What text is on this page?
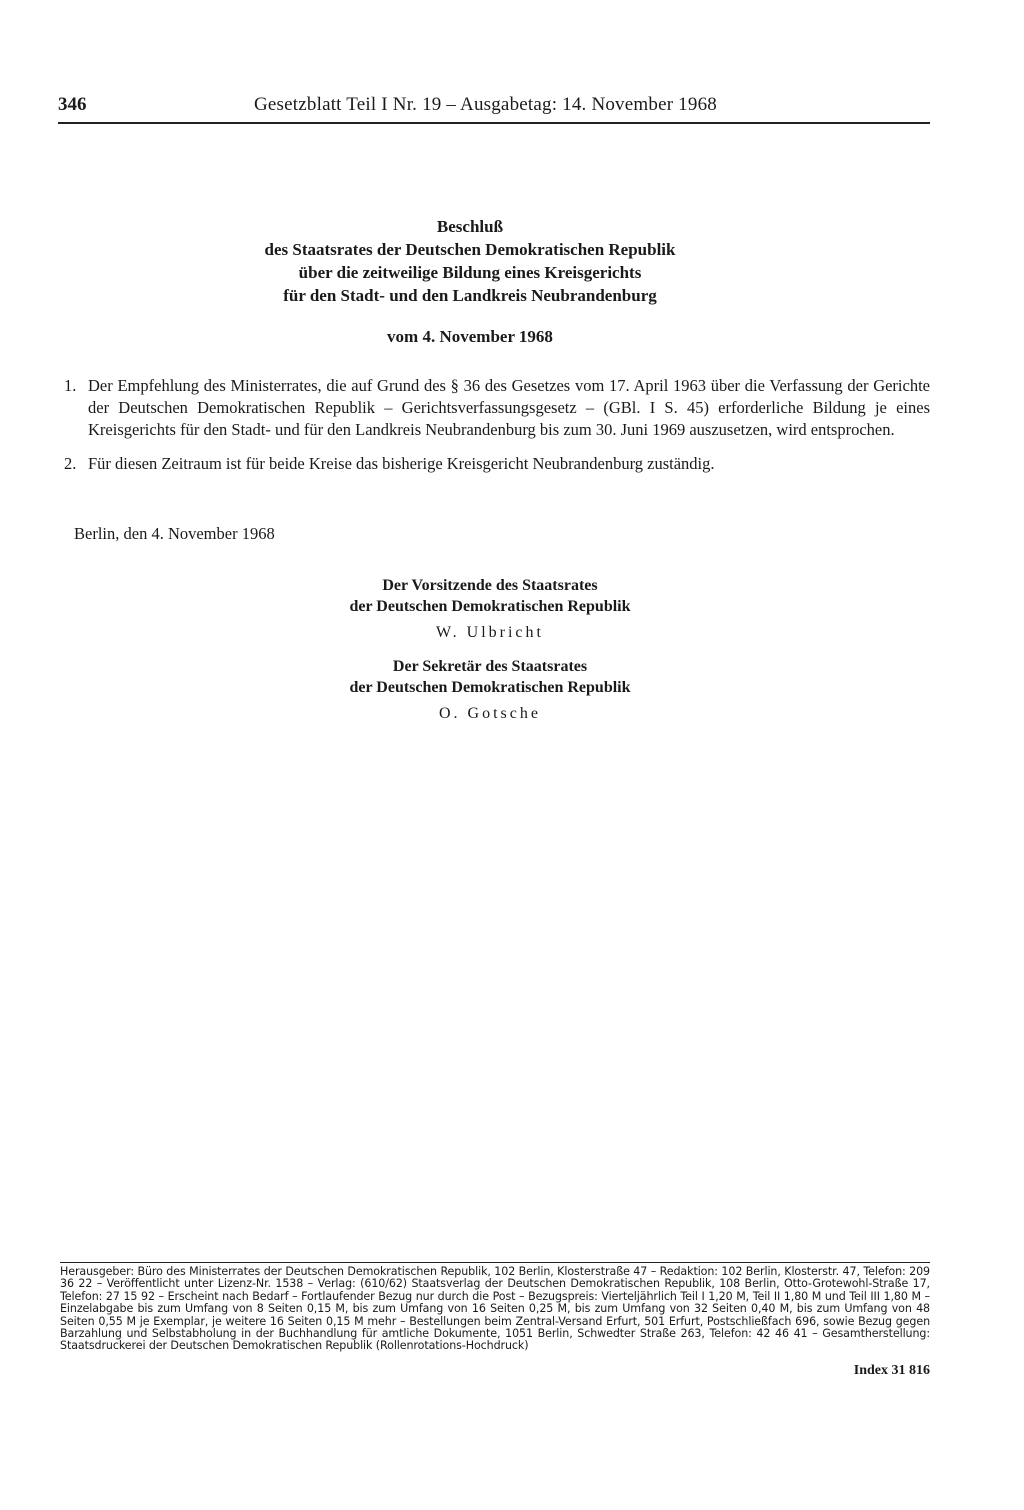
346	Gesetzblatt Teil I Nr. 19 – Ausgabetag: 14. November 1968
Beschluß
des Staatsrates der Deutschen Demokratischen Republik
über die zeitweilige Bildung eines Kreisgerichts
für den Stadt- und den Landkreis Neubrandenburg
vom 4. November 1968
1. Der Empfehlung des Ministerrates, die auf Grund des § 36 des Gesetzes vom 17. April 1963 über die Verfassung der Gerichte der Deutschen Demokratischen Republik – Gerichtsverfassungsgesetz – (GBl. I S. 45) erforderliche Bildung je eines Kreisgerichts für den Stadt- und für den Landkreis Neubrandenburg bis zum 30. Juni 1969 auszusetzen, wird entsprochen.
2. Für diesen Zeitraum ist für beide Kreise das bisherige Kreisgericht Neubrandenburg zuständig.
Berlin, den 4. November 1968
Der Vorsitzende des Staatsrates
der Deutschen Demokratischen Republik
W. Ulbricht
Der Sekretär des Staatsrates
der Deutschen Demokratischen Republik
O. Gotsche
Herausgeber: Büro des Ministerrates der Deutschen Demokratischen Republik, 102 Berlin, Klosterstraße 47 – Redaktion: 102 Berlin, Klosterstr. 47, Telefon: 209 36 22 – Veröffentlicht unter Lizenz-Nr. 1538 – Verlag: (610/62) Staatsverlag der Deutschen Demokratischen Republik, 108 Berlin, Otto-Grotewohl-Straße 17, Telefon: 27 15 92 – Erscheint nach Bedarf – Fortlaufender Bezug nur durch die Post – Bezugspreis: Vierteljährlich Teil I 1,20 M, Teil II 1,80 M und Teil III 1,80 M – Einzelabgabe bis zum Umfang von 8 Seiten 0,15 M, bis zum Umfang von 16 Seiten 0,25 M, bis zum Umfang von 32 Seiten 0,40 M, bis zum Umfang von 48 Seiten 0,55 M je Exemplar, je weitere 16 Seiten 0,15 M mehr – Bestellungen beim Zentral-Versand Erfurt, 501 Erfurt, Postschließfach 696, sowie Bezug gegen Barzahlung und Selbstabholung in der Buchhandlung für amtliche Dokumente, 1051 Berlin, Schwedter Straße 263, Telefon: 42 46 41 – Gesamtherstellung: Staatsdruckerei der Deutschen Demokratischen Republik (Rollenrotations-Hochdruck)
Index 31 816
